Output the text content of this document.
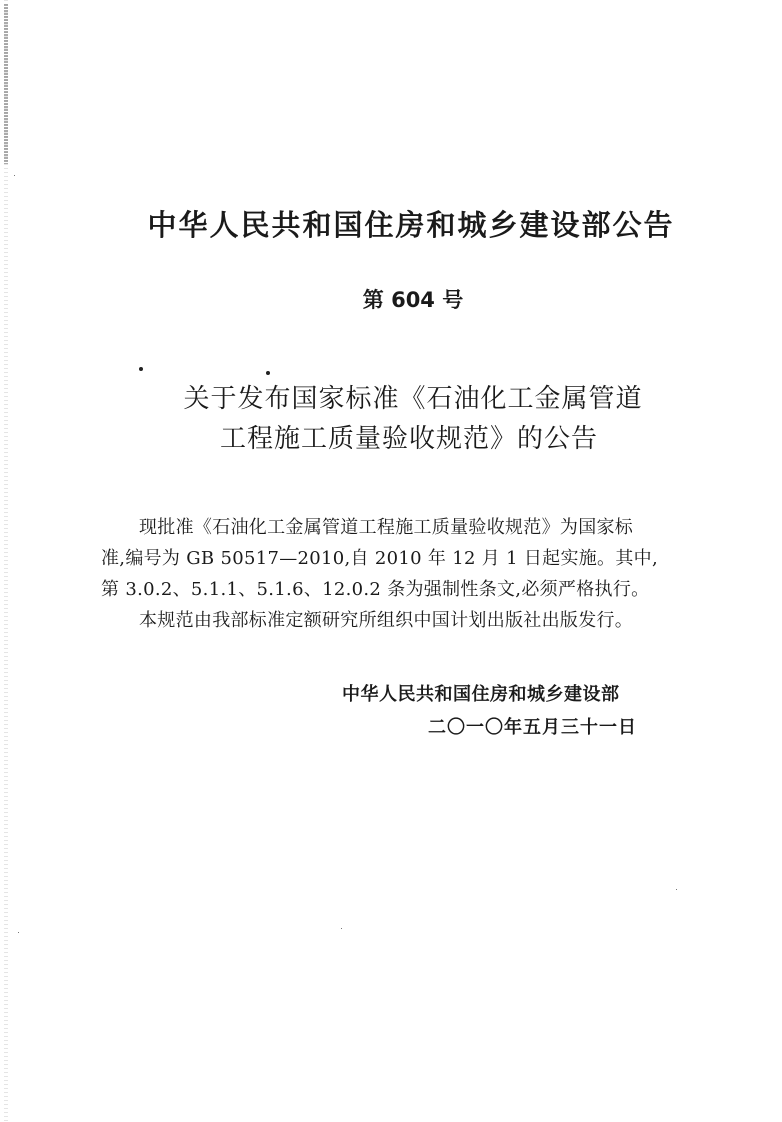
中华人民共和国住房和城乡建设部公告
第 604 号
关于发布国家标准《石油化工金属管道
工程施工质量验收规范》的公告
现批准《石油化工金属管道工程施工质量验收规范》为国家标
准,编号为 GB 50517—2010,自 2010 年 12 月 1 日起实施。其中,
第 3.0.2、5.1.1、5.1.6、12.0.2 条为强制性条文,必须严格执行。
本规范由我部标准定额研究所组织中国计划出版社出版发行。
中华人民共和国住房和城乡建设部
二〇一〇年五月三十一日
